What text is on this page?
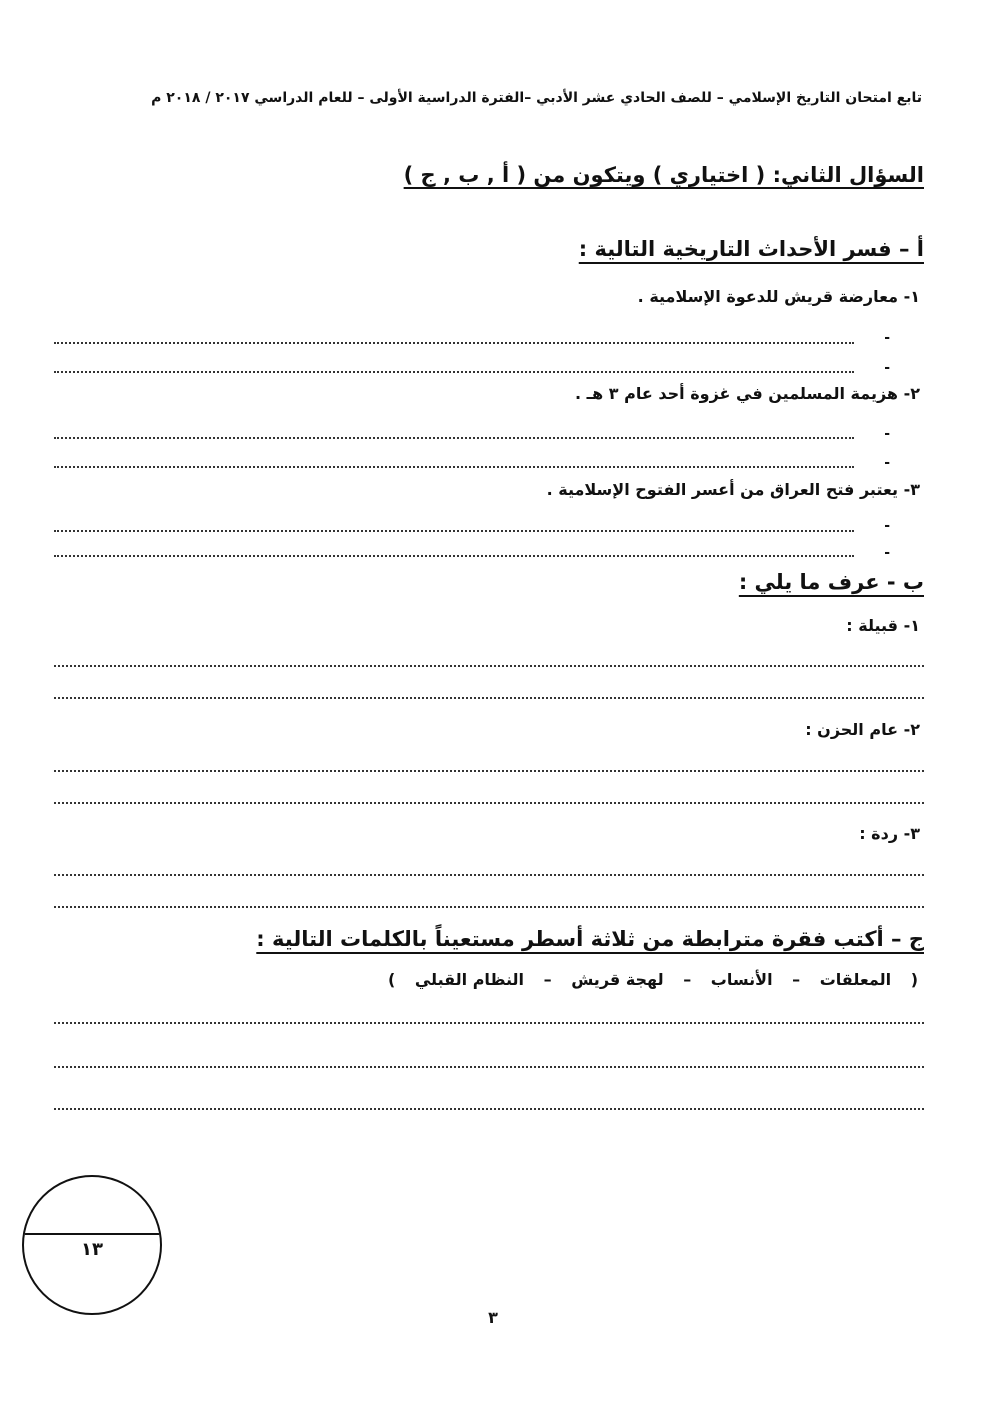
تابع امتحان التاريخ الإسلامي – للصف الحادي عشر الأدبي –الفترة الدراسية الأولى – للعام الدراسي ٢٠١٧ / ٢٠١٨ م
السؤال الثاني: ( اختياري ) ويتكون من ( أ , ب , ج )
أ – فسر الأحداث التاريخية التالية :
١- معارضة قريش للدعوة الإسلامية .
-
-
٢- هزيمة المسلمين في غزوة أحد عام ٣ هـ .
-
-
٣- يعتبر فتح العراق من أعسر الفتوح الإسلامية .
-
-
ب - عرف ما يلي :
١- قبيلة :
٢- عام الحزن :
٣- ردة :
ج – أكتب فقرة مترابطة من ثلاثة أسطر مستعيناً بالكلمات التالية :
( المعلقات – الأنساب – لهجة قريش – النظام القبلي )
١٣
٣
